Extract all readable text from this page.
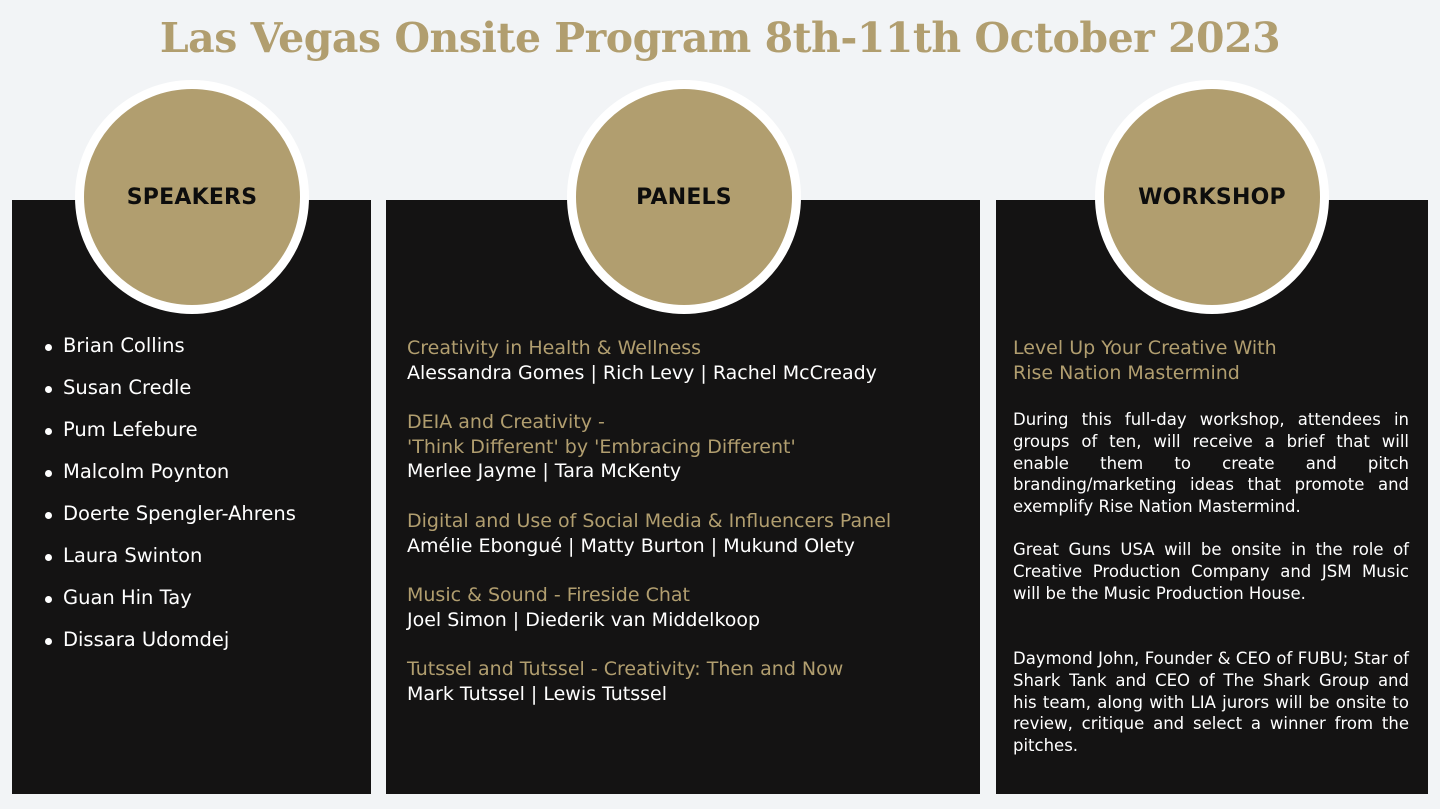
Las Vegas Onsite Program 8th-11th October 2023
SPEAKERS
Brian Collins
Susan Credle
Pum Lefebure
Malcolm Poynton
Doerte Spengler-Ahrens
Laura Swinton
Guan Hin Tay
Dissara Udomdej
PANELS
Creativity in Health & Wellness
Alessandra Gomes | Rich Levy | Rachel McCready
DEIA and Creativity -
'Think Different' by 'Embracing Different'
Merlee Jayme | Tara McKenty
Digital and Use of Social Media & Influencers Panel
Amélie Ebongué | Matty Burton | Mukund Olety
Music & Sound - Fireside Chat
Joel Simon | Diederik van Middelkoop
Tutssel and Tutssel - Creativity: Then and Now
Mark Tutssel | Lewis Tutssel
WORKSHOP
Level Up Your Creative With
Rise Nation Mastermind

During this full-day workshop, attendees in groups of ten, will receive a brief that will enable them to create and pitch branding/marketing ideas that promote and exemplify Rise Nation Mastermind.

Great Guns USA will be onsite in the role of Creative Production Company and JSM Music will be the Music Production House.

Daymond John, Founder & CEO of FUBU; Star of Shark Tank and CEO of The Shark Group and his team, along with LIA jurors will be onsite to review, critique and select a winner from the pitches.
